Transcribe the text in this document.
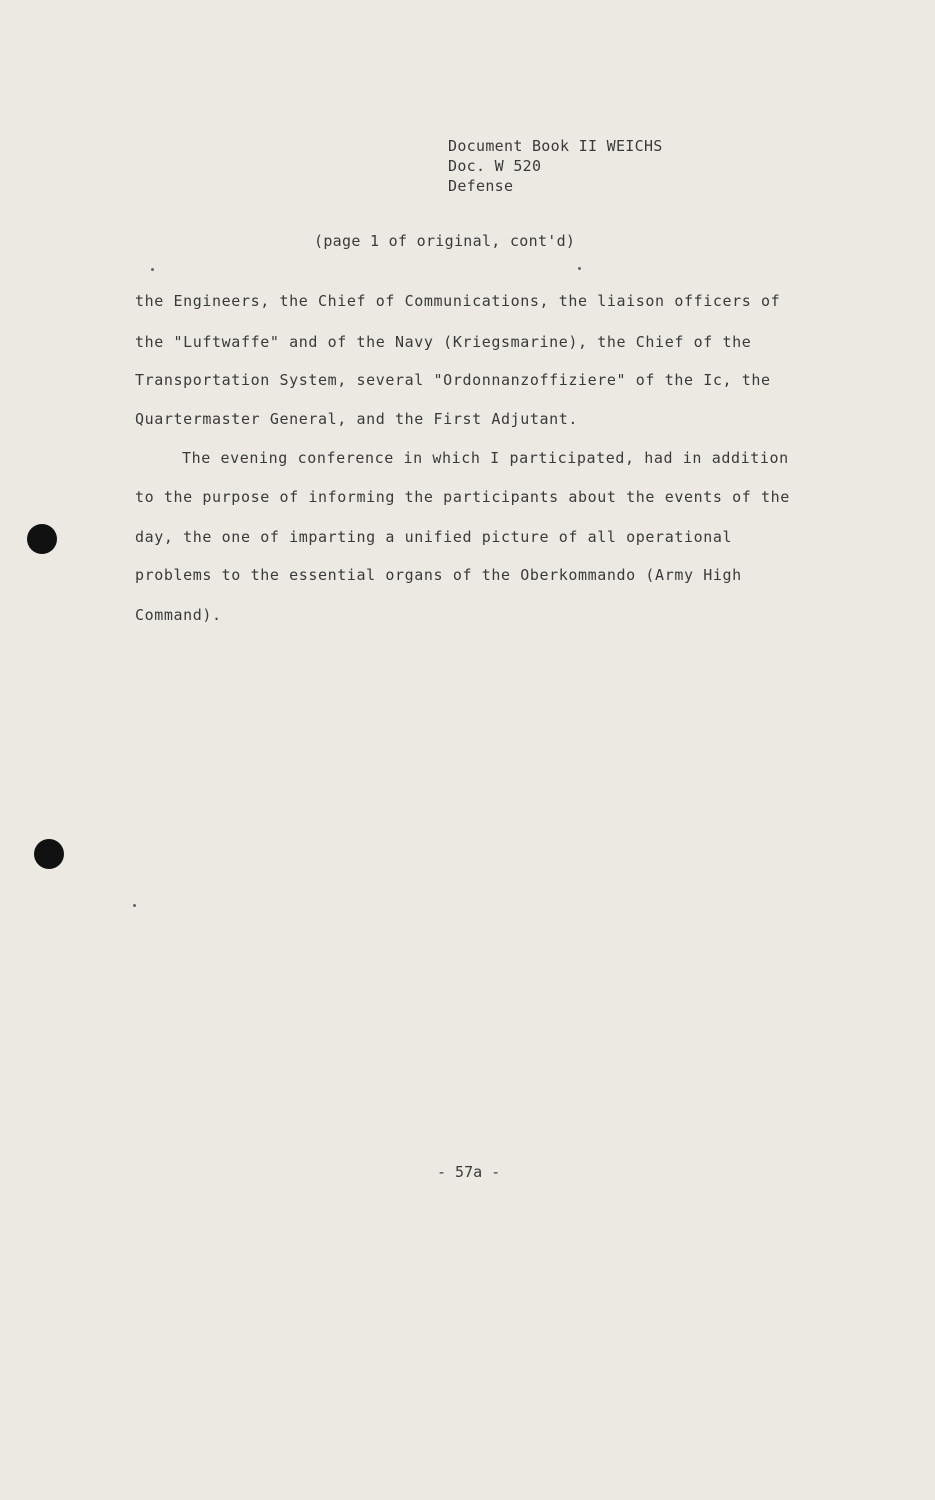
Document Book II WEICHS
Doc. W 520
Defense
(page 1 of original, cont'd)
the Engineers, the Chief of Communications, the liaison officers of
the "Luftwaffe" and of the Navy (Kriegsmarine), the Chief of the
Transportation System, several "Ordonnanzoffiziere" of the Ic, the
Quartermaster General, and the First Adjutant.
The evening conference in which I participated, had in addition
to the purpose of informing the participants about the events of the
day, the one of imparting a unified picture of all operational
problems to the essential organs of the Oberkommando (Army High
Command).
- 57a -
